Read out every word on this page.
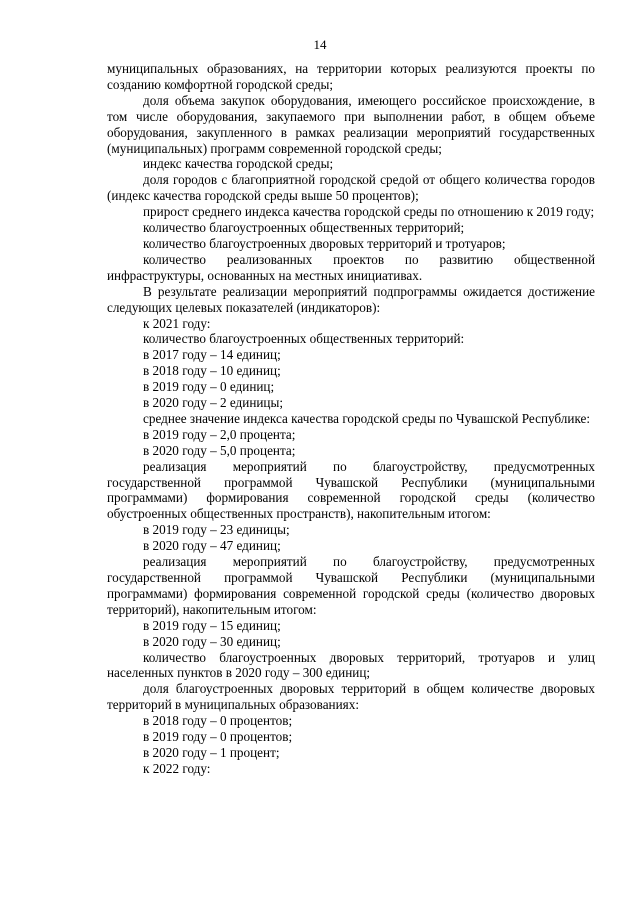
14

муниципальных образованиях, на территории которых реализуются проекты по созданию комфортной городской среды;

доля объема закупок оборудования, имеющего российское происхождение, в том числе оборудования, закупаемого при выполнении работ, в общем объеме оборудования, закупленного в рамках реализации мероприятий государственных (муниципальных) программ современной городской среды;

индекс качества городской среды;

доля городов с благоприятной городской средой от общего количества городов (индекс качества городской среды выше 50 процентов);

прирост среднего индекса качества городской среды по отношению к 2019 году;

количество благоустроенных общественных территорий;

количество благоустроенных дворовых территорий и тротуаров;

количество реализованных проектов по развитию общественной инфраструктуры, основанных на местных инициативах.

В результате реализации мероприятий подпрограммы ожидается достижение следующих целевых показателей (индикаторов):

к 2021 году:

количество благоустроенных общественных территорий:

в 2017 году – 14 единиц;

в 2018 году – 10 единиц;

в 2019 году – 0 единиц;

в 2020 году – 2 единицы;

среднее значение индекса качества городской среды по Чувашской Республике:

в 2019 году – 2,0 процента;

в 2020 году – 5,0 процента;

реализация мероприятий по благоустройству, предусмотренных государственной программой Чувашской Республики (муниципальными программами) формирования современной городской среды (количество обустроенных общественных пространств), накопительным итогом:

в 2019 году – 23 единицы;

в 2020 году – 47 единиц;

реализация мероприятий по благоустройству, предусмотренных государственной программой Чувашской Республики (муниципальными программами) формирования современной городской среды (количество дворовых территорий), накопительным итогом:

в 2019 году – 15 единиц;

в 2020 году – 30 единиц;

количество благоустроенных дворовых территорий, тротуаров и улиц населенных пунктов в 2020 году – 300 единиц;

доля благоустроенных дворовых территорий в общем количестве дворовых территорий в муниципальных образованиях:

в 2018 году – 0 процентов;

в 2019 году – 0 процентов;

в 2020 году – 1 процент;

к 2022 году:
